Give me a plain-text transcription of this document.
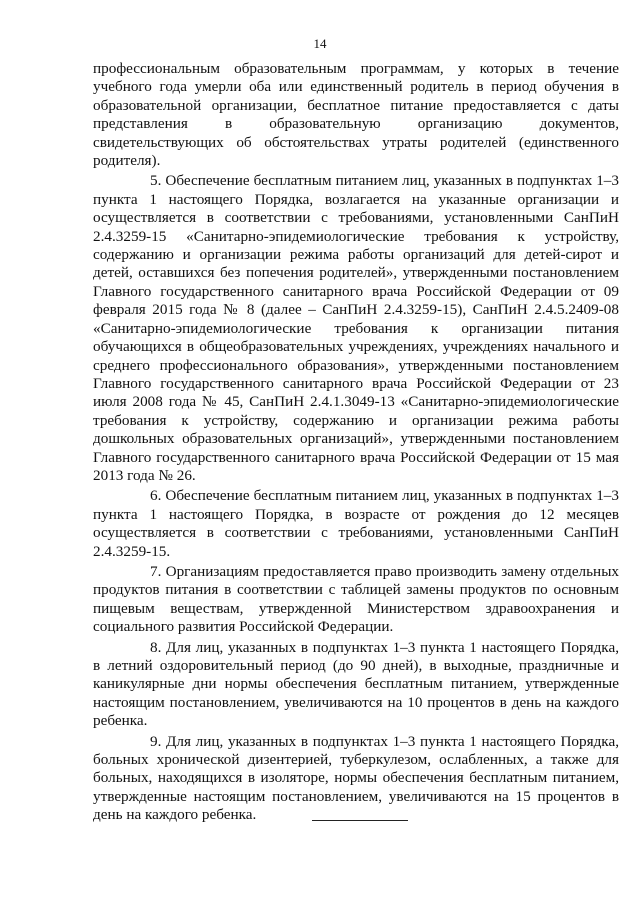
14

профессиональным образовательным программам, у которых в течение учебного года умерли оба или единственный родитель в период обучения в образовательной организации, бесплатное питание предоставляется с даты представления в образовательную организацию документов, свидетельствующих об обстоятельствах утраты родителей (единственного родителя).

5. Обеспечение бесплатным питанием лиц, указанных в подпунктах 1–3 пункта 1 настоящего Порядка, возлагается на указанные организации и осуществляется в соответствии с требованиями, установленными СанПиН 2.4.3259-15 «Санитарно-эпидемиологические требования к устройству, содержанию и организации режима работы организаций для детей-сирот и детей, оставшихся без попечения родителей», утвержденными постановлением Главного государственного санитарного врача Российской Федерации от 09 февраля 2015 года № 8 (далее – СанПиН 2.4.3259-15), СанПиН 2.4.5.2409-08 «Санитарно-эпидемиологические требования к организации питания обучающихся в общеобразовательных учреждениях, учреждениях начального и среднего профессионального образования», утвержденными постановлением Главного государственного санитарного врача Российской Федерации от 23 июля 2008 года № 45, СанПиН 2.4.1.3049-13 «Санитарно-эпидемиологические требования к устройству, содержанию и организации режима работы дошкольных образовательных организаций», утвержденными постановлением Главного государственного санитарного врача Российской Федерации от 15 мая 2013 года № 26.

6. Обеспечение бесплатным питанием лиц, указанных в подпунктах 1–3 пункта 1 настоящего Порядка, в возрасте от рождения до 12 месяцев осуществляется в соответствии с требованиями, установленными СанПиН 2.4.3259-15.

7. Организациям предоставляется право производить замену отдельных продуктов питания в соответствии с таблицей замены продуктов по основным пищевым веществам, утвержденной Министерством здравоохранения и социального развития Российской Федерации.

8. Для лиц, указанных в подпунктах 1–3 пункта 1 настоящего Порядка, в летний оздоровительный период (до 90 дней), в выходные, праздничные и каникулярные дни нормы обеспечения бесплатным питанием, утвержденные настоящим постановлением, увеличиваются на 10 процентов в день на каждого ребенка.

9. Для лиц, указанных в подпунктах 1–3 пункта 1 настоящего Порядка, больных хронической дизентерией, туберкулезом, ослабленных, а также для больных, находящихся в изоляторе, нормы обеспечения бесплатным питанием, утвержденные настоящим постановлением, увеличиваются на 15 процентов в день на каждого ребенка.
